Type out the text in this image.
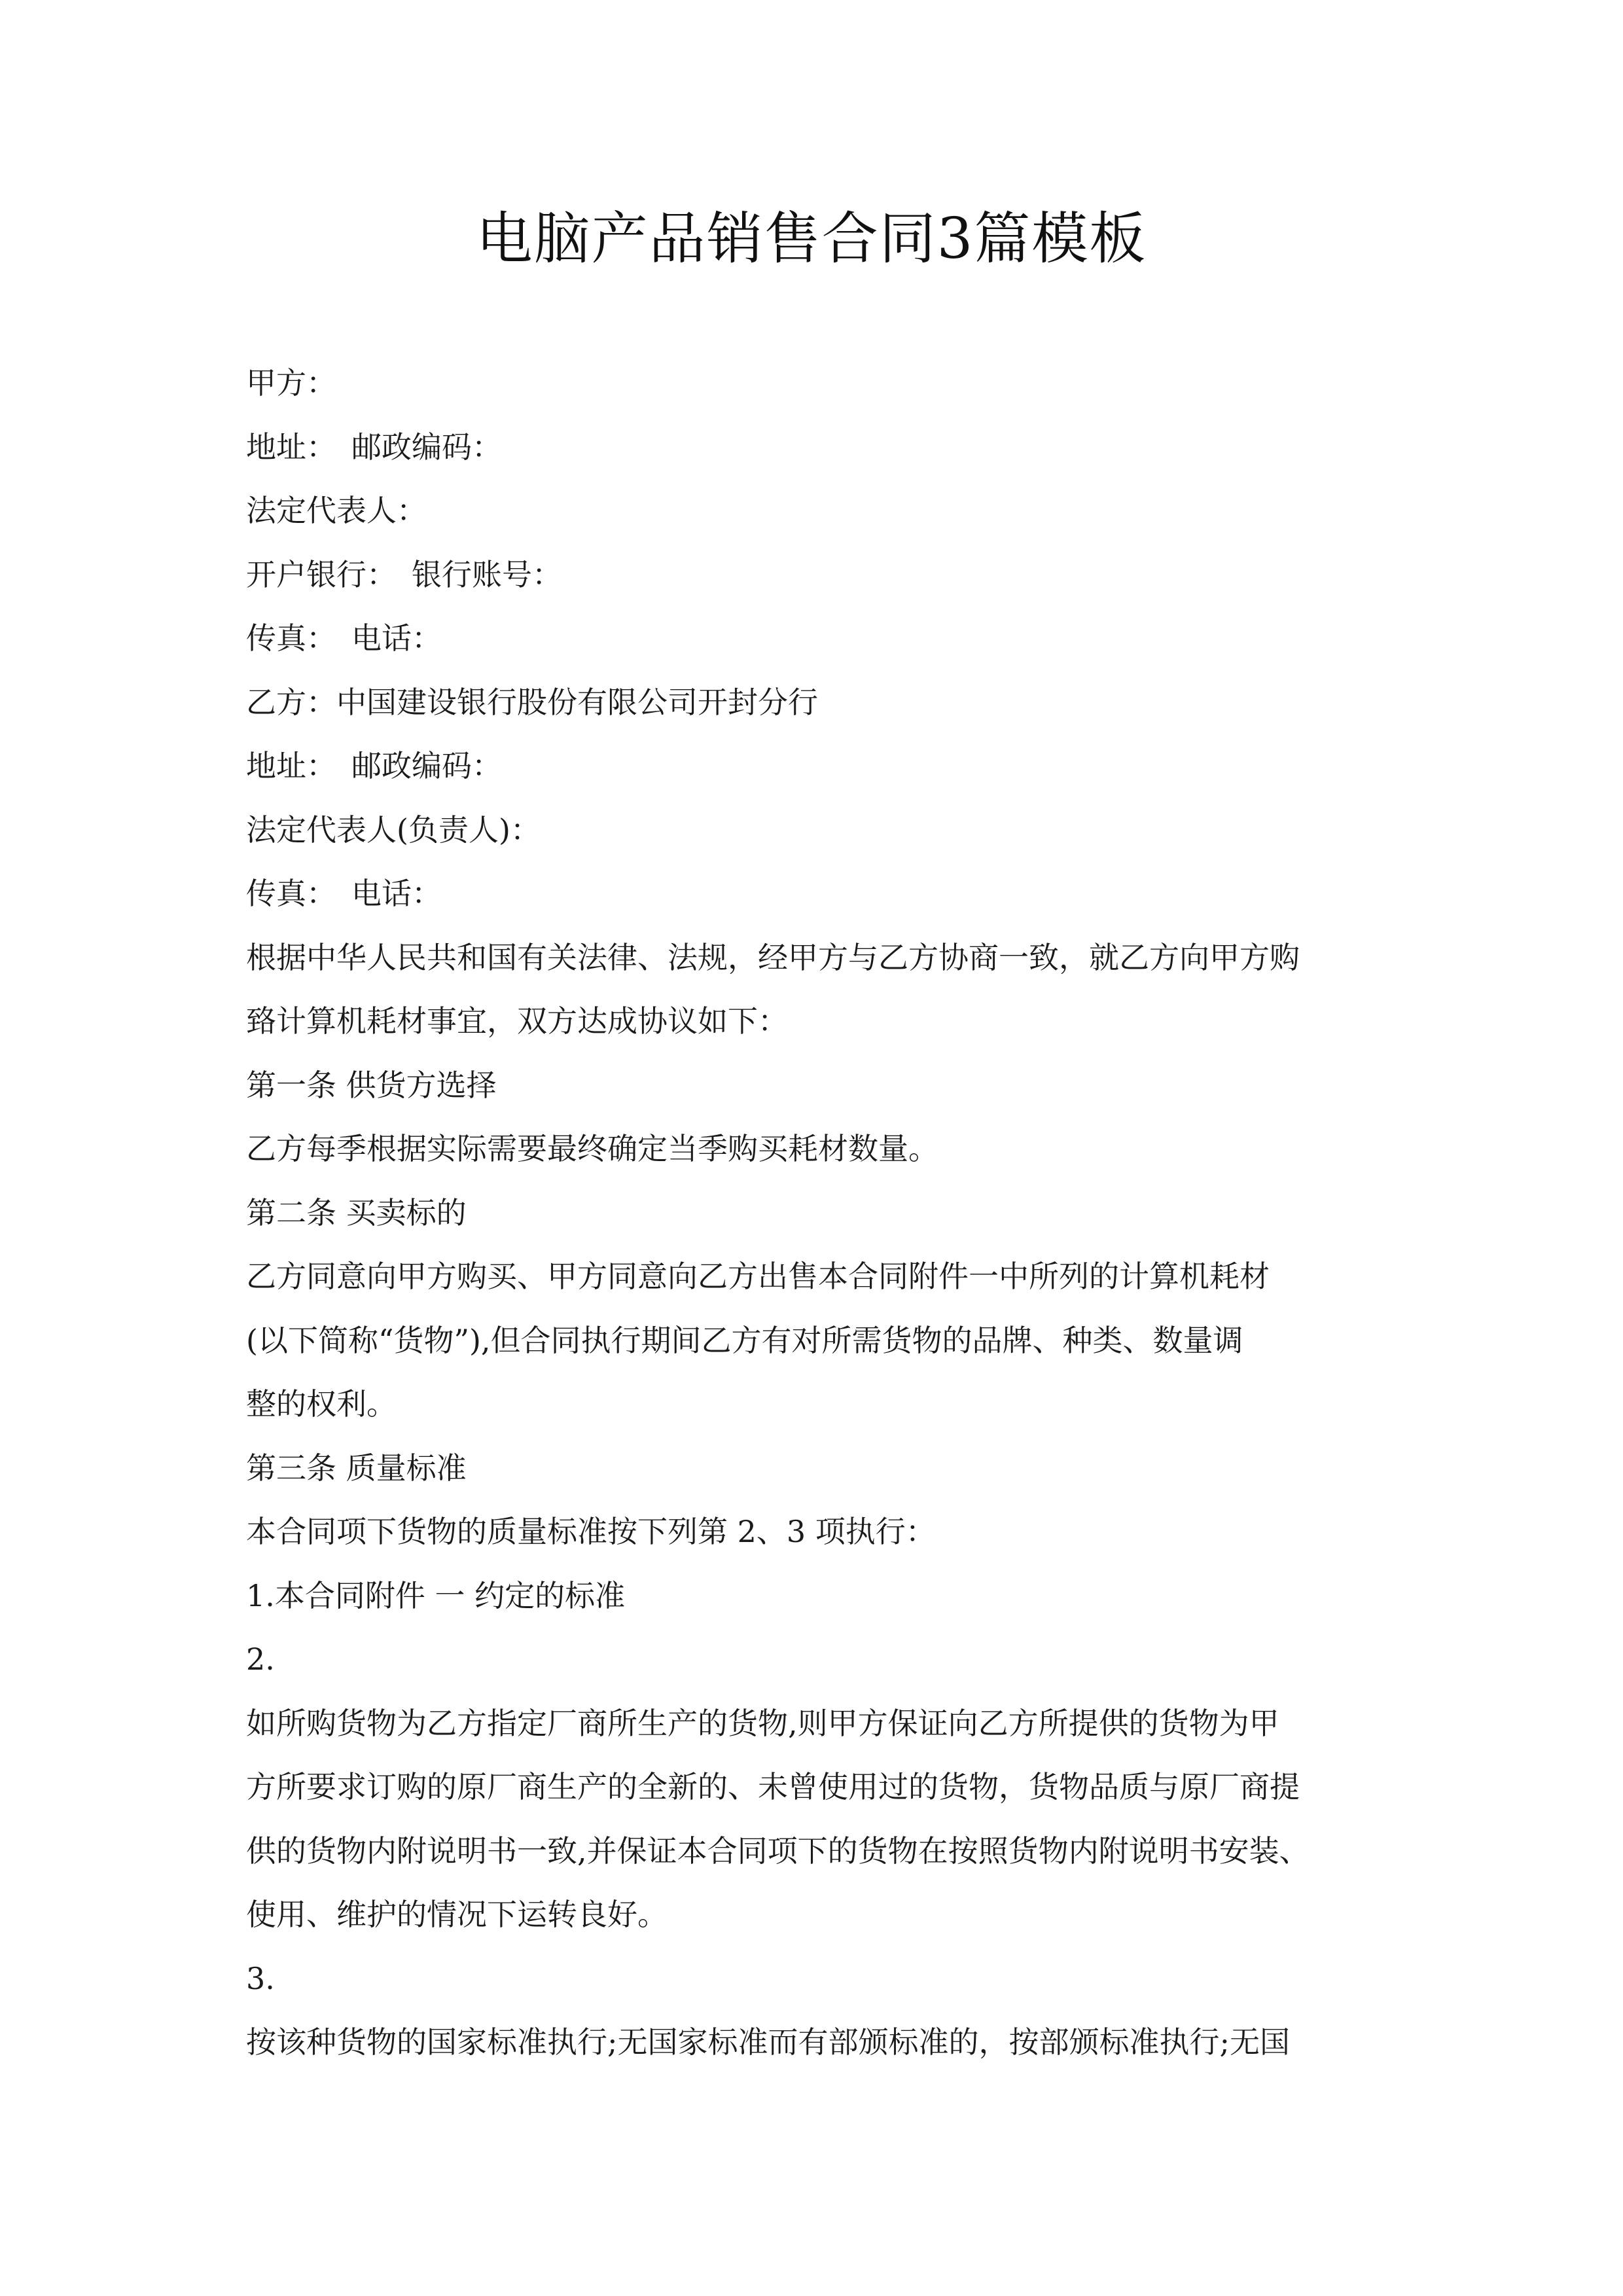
电脑产品销售合同3篇模板
甲方：
地址：　邮政编码：
法定代表人：
开户银行：　银行账号：
传真：　电话：
乙方：中国建设银行股份有限公司开封分行
地址：　邮政编码：
法定代表人(负责人)：
传真：　电话：
根据中华人民共和国有关法律、法规，经甲方与乙方协商一致，就乙方向甲方购
臵计算机耗材事宜，双方达成协议如下：
第一条 供货方选择
乙方每季根据实际需要最终确定当季购买耗材数量。
第二条 买卖标的
乙方同意向甲方购买、甲方同意向乙方出售本合同附件一中所列的计算机耗材
(以下简称“货物”),但合同执行期间乙方有对所需货物的品牌、种类、数量调
整的权利。
第三条 质量标准
本合同项下货物的质量标准按下列第 2、3 项执行：
1.本合同附件 一 约定的标准
2.
如所购货物为乙方指定厂商所生产的货物,则甲方保证向乙方所提供的货物为甲
方所要求订购的原厂商生产的全新的、未曾使用过的货物，货物品质与原厂商提
供的货物内附说明书一致,并保证本合同项下的货物在按照货物内附说明书安装、
使用、维护的情况下运转良好。
3.
按该种货物的国家标准执行;无国家标准而有部颁标准的，按部颁标准执行;无国
